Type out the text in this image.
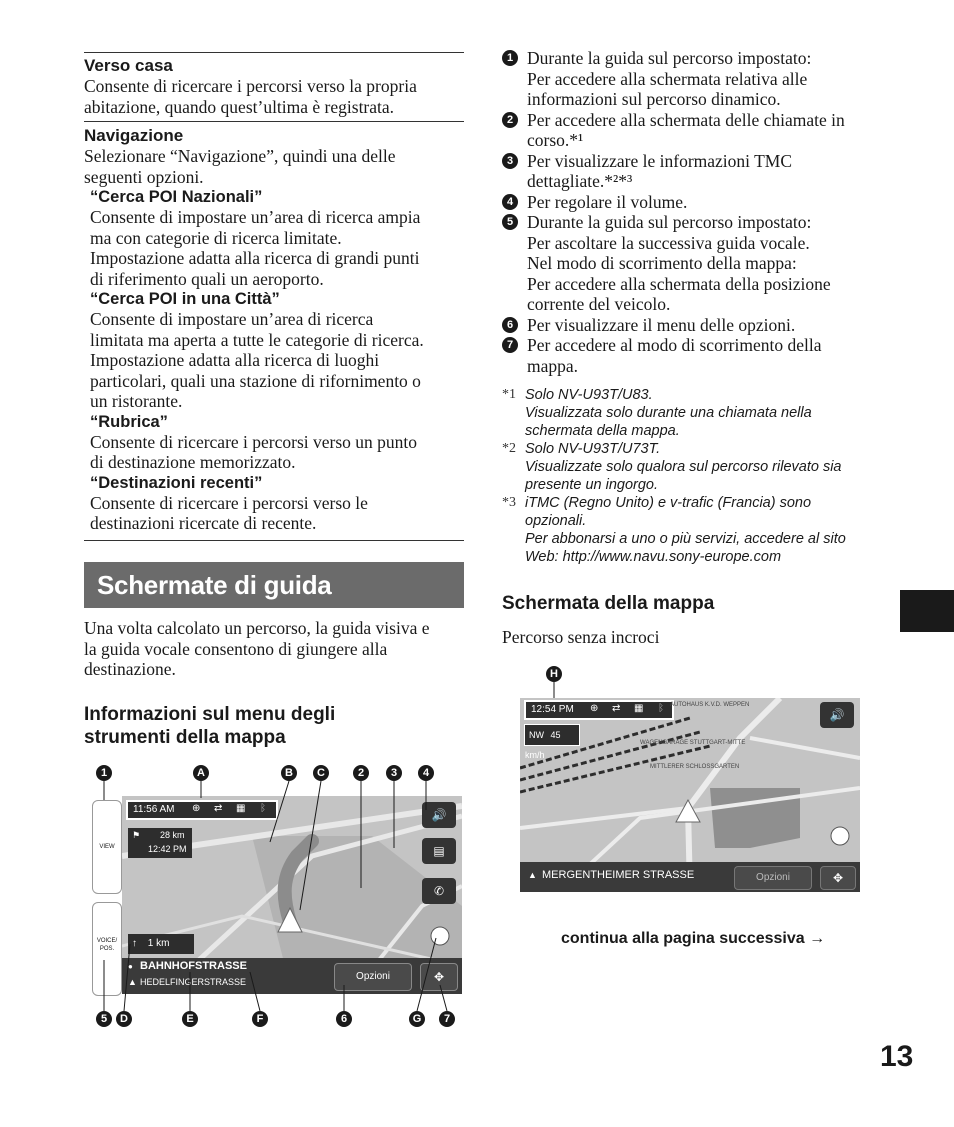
Verso casa
Consente di ricercare i percorsi verso la propria
abitazione, quando quest’ultima è registrata.
Navigazione
Selezionare “Navigazione”, quindi una delle
seguenti opzioni.
“Cerca POI Nazionali”
Consente di impostare un’area di ricerca ampia
ma con categorie di ricerca limitate.
Impostazione adatta alla ricerca di grandi punti
di riferimento quali un aeroporto.
“Cerca POI in una Città”
Consente di impostare un’area di ricerca
limitata ma aperta a tutte le categorie di ricerca.
Impostazione adatta alla ricerca di luoghi
particolari, quali una stazione di rifornimento o
un ristorante.
“Rubrica”
Consente di ricercare i percorsi verso un punto
di destinazione memorizzato.
“Destinazioni recenti”
Consente di ricercare i percorsi verso le
destinazioni ricercate di recente.
Schermate di guida
Una volta calcolato un percorso, la guida visiva e
la guida vocale consentono di giungere alla
destinazione.
Informazioni sul menu degli
strumenti della mappa
1	A	B	C	2	3	4
VIEW
VOICE/ POS.
11:56 AM ⊕ ⇄ ▦ ᛒ
⚑ 28 km
12:42 PM
🔊
▤
✆
↑ 1 km
● BAHNHOFSTRASSE
▲ HEDELFINGERSTRASSE	Opzioni	✥
5	D	E	F	6	G	7
1 Durante la guida sul percorso impostato:
Per accedere alla schermata relativa alle
informazioni sul percorso dinamico.
2 Per accedere alla schermata delle chiamate in
corso.*¹
3 Per visualizzare le informazioni TMC
dettagliate.*²*³
4 Per regolare il volume.
5 Durante la guida sul percorso impostato:
Per ascoltare la successiva guida vocale.
Nel modo di scorrimento della mappa:
Per accedere alla schermata della posizione
corrente del veicolo.
6 Per visualizzare il menu delle opzioni.
7 Per accedere al modo di scorrimento della
mappa.
*1 Solo NV-U93T/U83.
Visualizzata solo durante una chiamata nella
schermata della mappa.
*2 Solo NV-U93T/U73T.
Visualizzate solo qualora sul percorso rilevato sia
presente un ingorgo.
*3 iTMC (Regno Unito) e v-trafic (Francia) sono
opzionali.
Per abbonarsi a uno o più servizi, accedere al sito
Web: http://www.navu.sony-europe.com
Schermata della mappa
Percorso senza incroci
H
12:54 PM ⊕ ⇄ ▦ ᛒ
NW 45 km/h
AUTOHAUS K.V.D. WEPPEN
WAGENGARAGE STUTTGART-MITTE
MITTLERER SCHLOSSGARTEN
🔊
▲ MERGENTHEIMER STRASSE	Opzioni	✥
continua alla pagina successiva →
13
